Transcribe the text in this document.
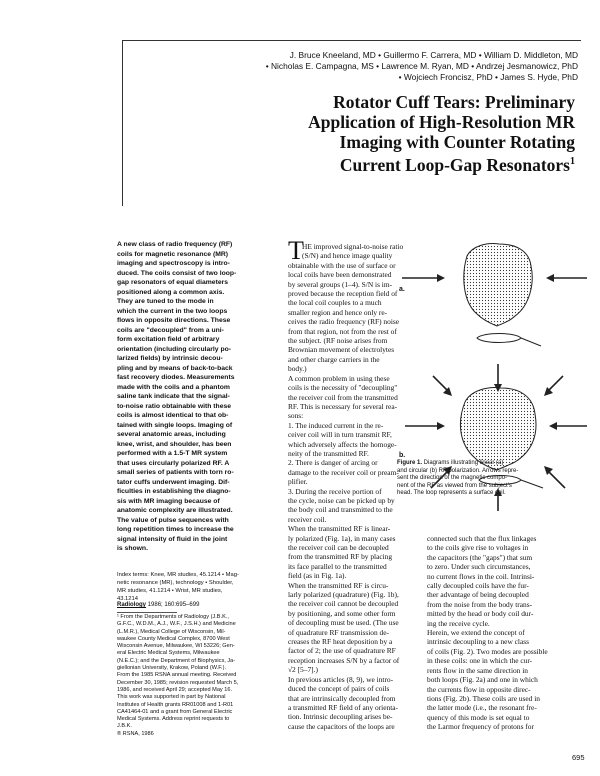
J. Bruce Kneeland, MD • Guillermo F. Carrera, MD • William D. Middleton, MD
• Nicholas E. Campagna, MS • Lawrence M. Ryan, MD • Andrzej Jesmanowicz, PhD
• Wojciech Froncisz, PhD • James S. Hyde, PhD
Rotator Cuff Tears: Preliminary
Application of High-Resolution MR
Imaging with Counter Rotating
Current Loop-Gap Resonators$^1$
A new class of radio frequency (RF)
coils for magnetic resonance (MR)
imaging and spectroscopy is intro-
duced. The coils consist of two loop-
gap resonators of equal diameters
positioned along a common axis.
They are tuned to the mode in
which the current in the two loops
flows in opposite directions. These
coils are "decoupled" from a uni-
form excitation field of arbitrary
orientation (including circularly po-
larized fields) by intrinsic decou-
pling and by means of back-to-back
fast recovery diodes. Measurements
made with the coils and a phantom
saline tank indicate that the signal-
to-noise ratio obtainable with these
coils is almost identical to that ob-
tained with single loops. Imaging of
several anatomic areas, including
knee, wrist, and shoulder, has been
performed with a 1.5-T MR system
that uses circularly polarized RF. A
small series of patients with torn ro-
tator cuffs underwent imaging. Dif-
ficulties in establishing the diagno-
sis with MR imaging because of
anatomic complexity are illustrated.
The value of pulse sequences with
long repetition times to increase the
signal intensity of fluid in the joint
is shown.
Index terms: Knee, MR studies, 45.1214 • Mag-
netic resonance (MR), technology • Shoulder,
MR studies, 41.1214 • Wrist, MR studies,
43.1214
Radiology 1986; 160:695–699
¹ From the Departments of Radiology (J.B.K.,
G.F.C., W.D.M., A.J., W.F., J.S.H.) and Medicine
(L.M.R.), Medical College of Wisconsin, Mil-
waukee County Medical Complex, 8700 West
Wisconsin Avenue, Milwaukee, WI 53226; Gen-
eral Electric Medical Systems, Milwaukee
(N.E.C.); and the Department of Biophysics, Ja-
giellonian University, Krakow, Poland (W.F.).
From the 1985 RSNA annual meeting. Received
December 30, 1985; revision requested March 5,
1986, and received April 29; accepted May 16.
This work was supported in part by National
Institutes of Health grants RR01008 and 1-R01
CA41464-01 and a grant from General Electric
Medical Systems. Address reprint requests to
J.B.K.
® RSNA, 1986
T
HE improved signal-to-noise ratio
(S/N) and hence image quality
obtainable with the use of surface or
local coils have been demonstrated
by several groups (1–4). S/N is im-
proved because the reception field of
the local coil couples to a much
smaller region and hence only re-
ceives the radio frequency (RF) noise
from that region, not from the rest of
the subject. (RF noise arises from
Brownian movement of electrolytes
and other charge carriers in the
body.)
A common problem in using these
coils is the necessity of "decoupling"
the receiver coil from the transmitted
RF. This is necessary for several rea-
sons:
1. The induced current in the re-
ceiver coil will in turn transmit RF,
which adversely affects the homoge-
neity of the transmitted RF.
2. There is danger of arcing or
damage to the receiver coil or pream-
plifier.
3. During the receive portion of
the cycle, noise can be picked up by
the body coil and transmitted to the
receiver coil.
When the transmitted RF is linear-
ly polarized (Fig. 1a), in many cases
the receiver coil can be decoupled
from the transmitted RF by placing
its face parallel to the transmitted
field (as in Fig. 1a).
When the transmitted RF is circu-
larly polarized (quadrature) (Fig. 1b),
the receiver coil cannot be decoupled
by positioning, and some other form
of decoupling must be used. (The use
of quadrature RF transmission de-
creases the RF heat deposition by a
factor of 2; the use of quadrature RF
reception increases S/N by a factor of
√2 [5–7].)
In previous articles (8, 9), we intro-
duced the concept of pairs of coils
that are intrinsically decoupled from
a transmitted RF field of any orienta-
tion. Intrinsic decoupling arises be-
cause the capacitors of the loops are
connected such that the flux linkages
to the coils give rise to voltages in
the capacitors (the "gaps") that sum
to zero. Under such circumstances,
no current flows in the coil. Intrinsi-
cally decoupled coils have the fur-
ther advantage of being decoupled
from the noise from the body trans-
mitted by the head or body coil dur-
ing the receive cycle.
Herein, we extend the concept of
intrinsic decoupling to a new class
of coils (Fig. 2). Two modes are possible
in these coils: one in which the cur-
rents flow in the same direction in
both loops (Fig. 2a) and one in which
the currents flow in opposite direc-
tions (Fig. 2b). These coils are used in
the latter mode (i.e., the resonant fre-
quency of this mode is set equal to
the Larmor frequency of protons for
a.
b.
Figure 1. Diagrams illustrating linear (a)
and circular (b) RF polarization. Arrows repre-
sent the direction of the magnetic compo-
nent of the RF as viewed from the subject's
head. The loop represents a surface coil.
695
